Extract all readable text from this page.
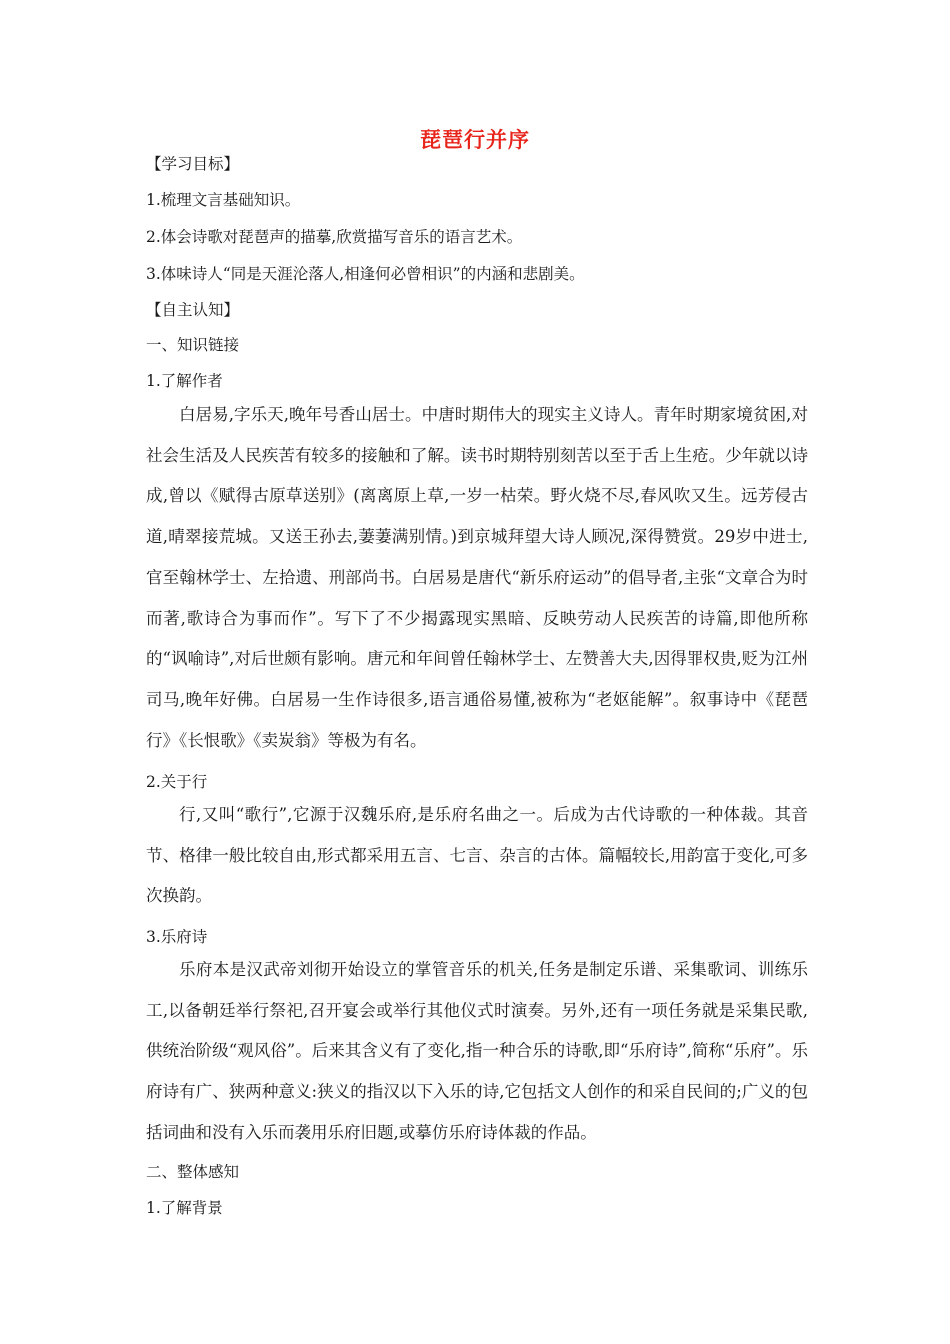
琵琶行并序
【学习目标】
1.梳理文言基础知识。
2.体会诗歌对琵琶声的描摹,欣赏描写音乐的语言艺术。
3.体味诗人“同是天涯沦落人,相逢何必曾相识”的内涵和悲剧美。
【自主认知】
一、知识链接
1.了解作者

白居易,字乐天,晚年号香山居士。中唐时期伟大的现实主义诗人。青年时期家境贫困,对社会生活及人民疾苦有较多的接触和了解。读书时期特别刻苦以至于舌上生疮。少年就以诗成,曾以《赋得古原草送别》(离离原上草,一岁一枯荣。野火烧不尽,春风吹又生。远芳侵古道,晴翠接荒城。又送王孙去,萋萋满别情。)到京城拜望大诗人顾况,深得赞赏。29岁中进士,官至翰林学士、左拾遗、刑部尚书。白居易是唐代“新乐府运动”的倡导者,主张“文章合为时而著,歌诗合为事而作”。写下了不少揭露现实黑暗、反映劳动人民疾苦的诗篇,即他所称的“讽喻诗”,对后世颇有影响。唐元和年间曾任翰林学士、左赞善大夫,因得罪权贵,贬为江州司马,晚年好佛。白居易一生作诗很多,语言通俗易懂,被称为“老妪能解”。叙事诗中《琵琶行》《长恨歌》《卖炭翁》等极为有名。

2.关于行

行,又叫“歌行”,它源于汉魏乐府,是乐府名曲之一。后成为古代诗歌的一种体裁。其音节、格律一般比较自由,形式都采用五言、七言、杂言的古体。篇幅较长,用韵富于变化,可多次换韵。

3.乐府诗

乐府本是汉武帝刘彻开始设立的掌管音乐的机关,任务是制定乐谱、采集歌词、训练乐工,以备朝廷举行祭祀,召开宴会或举行其他仪式时演奏。另外,还有一项任务就是采集民歌,供统治阶级“观风俗”。后来其含义有了变化,指一种合乐的诗歌,即“乐府诗”,简称“乐府”。乐府诗有广、狭两种意义:狭义的指汉以下入乐的诗,它包括文人创作的和采自民间的;广义的包括词曲和没有入乐而袭用乐府旧题,或摹仿乐府诗体裁的作品。

二、整体感知
1.了解背景
